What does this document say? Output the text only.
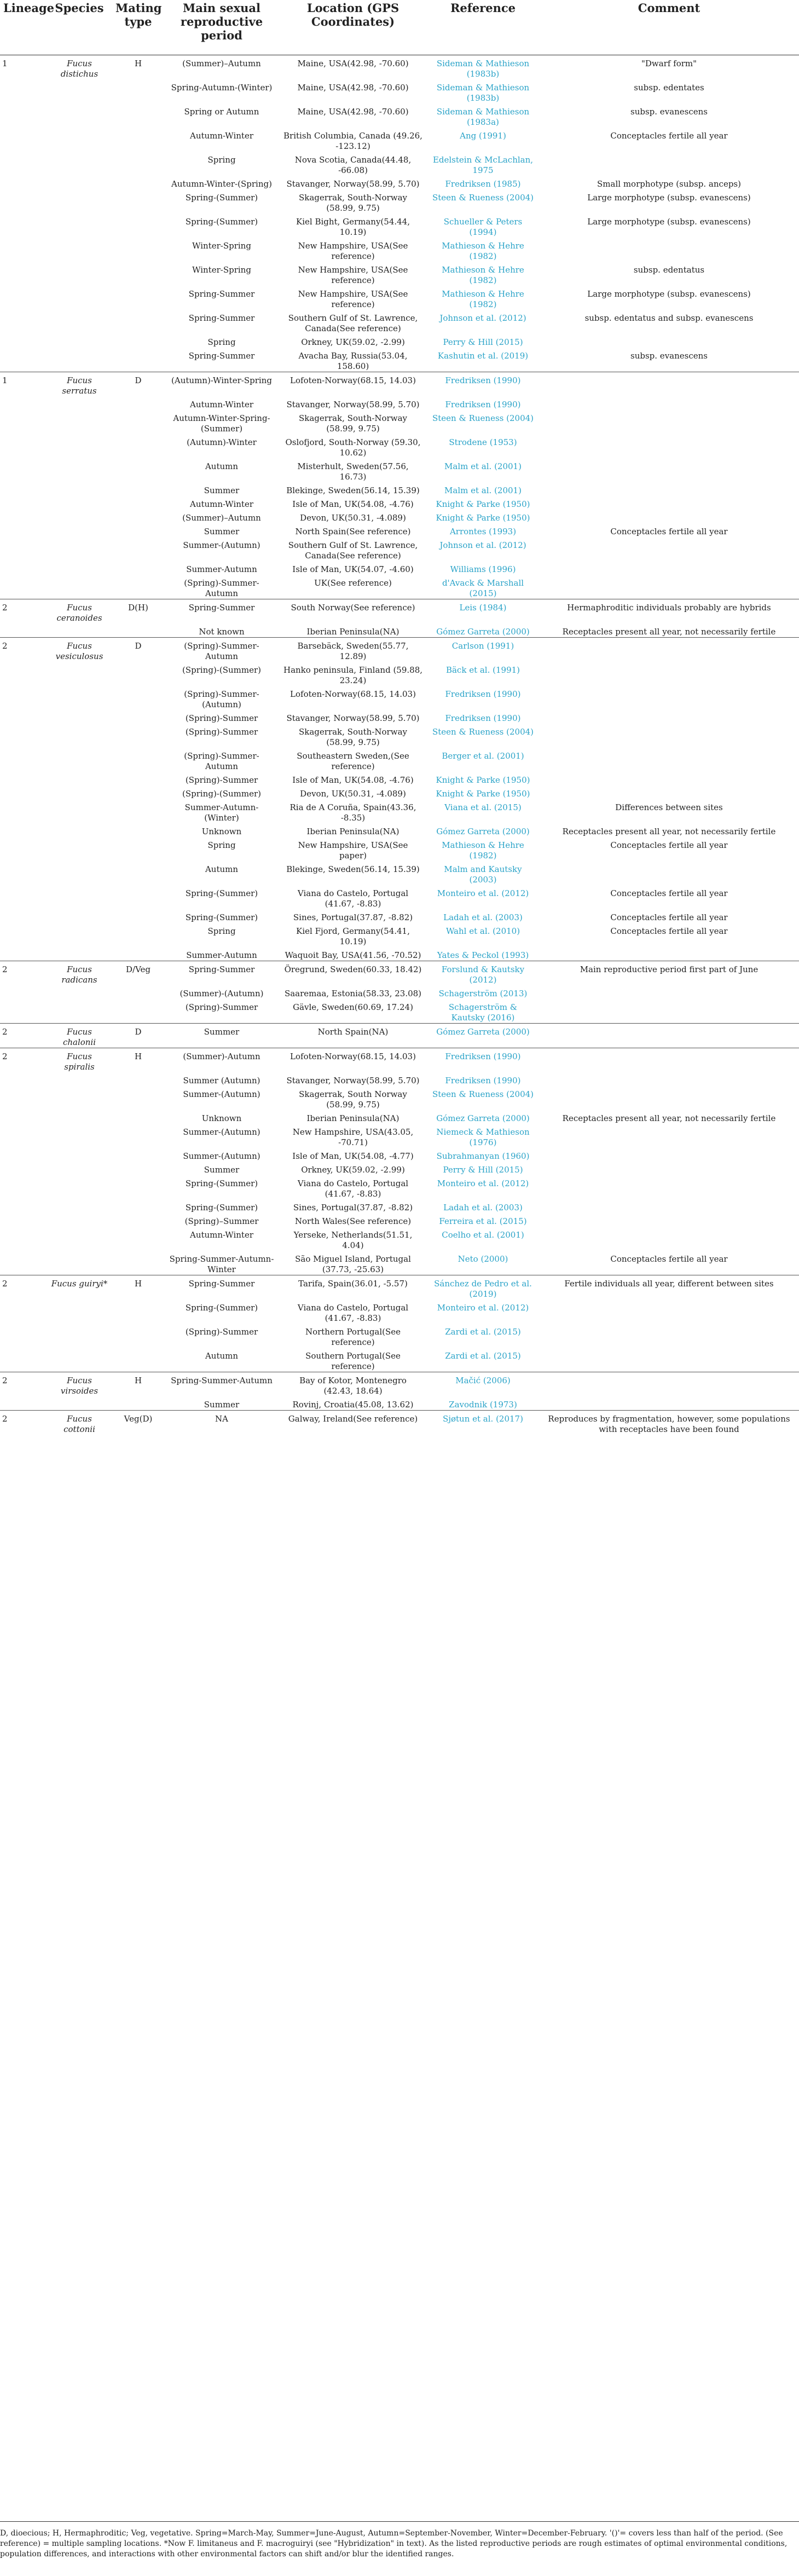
Lineage	Species	Mating type	Main sexual reproductive period	Location (GPS Coordinates)	Reference	Comment
1	Fucus distichus	H	(Summer)–Autumn	Maine, USA(42.98, -70.60)	Sideman & Mathieson (1983b)	"Dwarf form"
			Spring-Autumn-(Winter)	Maine, USA(42.98, -70.60)	Sideman & Mathieson (1983b)	subsp. edentates
			Spring or Autumn	Maine, USA(42.98, -70.60)	Sideman & Mathieson (1983a)	subsp. evanescens
			Autumn-Winter	British Columbia, Canada (49.26, -123.12)	Ang (1991)	Conceptacles fertile all year
			Spring	Nova Scotia, Canada(44.48, -66.08)	Edelstein & McLachlan, 1975	
			Autumn-Winter-(Spring)	Stavanger, Norway(58.99, 5.70)	Fredriksen (1985)	Small morphotype (subsp. anceps)
			Spring-(Summer)	Skagerrak, South-Norway (58.99, 9.75)	Steen & Rueness (2004)	Large morphotype (subsp. evanescens)
			Spring-(Summer)	Kiel Bight, Germany(54.44, 10.19)	Schueller & Peters (1994)	Large morphotype (subsp. evanescens)
			Winter-Spring	New Hampshire, USA(See reference)	Mathieson & Hehre (1982)	
			Winter-Spring	New Hampshire, USA(See reference)	Mathieson & Hehre (1982)	subsp. edentatus
			Spring-Summer	New Hampshire, USA(See reference)	Mathieson & Hehre (1982)	Large morphotype (subsp. evanescens)
			Spring-Summer	Southern Gulf of St. Lawrence, Canada(See reference)	Johnson et al. (2012)	subsp. edentatus and subsp. evanescens
			Spring	Orkney, UK(59.02, -2.99)	Perry & Hill (2015)	
			Spring-Summer	Avacha Bay, Russia(53.04, 158.60)	Kashutin et al. (2019)	subsp. evanescens
1	Fucus serratus	D	(Autumn)-Winter-Spring	Lofoten-Norway(68.15, 14.03)	Fredriksen (1990)	
			Autumn-Winter	Stavanger, Norway(58.99, 5.70)	Fredriksen (1990)	
			Autumn-Winter-Spring-(Summer)	Skagerrak, South-Norway (58.99, 9.75)	Steen & Rueness (2004)	
			(Autumn)-Winter	Oslofjord, South-Norway (59.30, 10.62)	Strodene (1953)	
			Autumn	Misterhult, Sweden(57.56, 16.73)	Malm et al. (2001)	
			Summer	Blekinge, Sweden(56.14, 15.39)	Malm et al. (2001)	
			Autumn-Winter	Isle of Man, UK(54.08, -4.76)	Knight & Parke (1950)	
			(Summer)–Autumn	Devon, UK(50.31, -4.089)	Knight & Parke (1950)	
			Summer	North Spain(See reference)	Arrontes (1993)	Conceptacles fertile all year
			Summer-(Autumn)	Southern Gulf of St. Lawrence, Canada(See reference)	Johnson et al. (2012)	
			Summer-Autumn	Isle of Man, UK(54.07, -4.60)	Williams (1996)	
			(Spring)-Summer-Autumn	UK(See reference)	d'Avack & Marshall (2015)	
2	Fucus ceranoides	D(H)	Spring-Summer	South Norway(See reference)	Leis (1984)	Hermaphroditic individuals probably are hybrids
			Not known	Iberian Peninsula(NA)	Gómez Garreta (2000)	Receptacles present all year, not necessarily fertile
2	Fucus vesiculosus	D	(Spring)-Summer-Autumn	Barsebäck, Sweden(55.77, 12.89)	Carlson (1991)	
			(Spring)-(Summer)	Hanko peninsula, Finland (59.88, 23.24)	Bäck et al. (1991)	
			(Spring)-Summer-(Autumn)	Lofoten-Norway(68.15, 14.03)	Fredriksen (1990)	
			(Spring)-Summer	Stavanger, Norway(58.99, 5.70)	Fredriksen (1990)	
			(Spring)-Summer	Skagerrak, South-Norway (58.99, 9.75)	Steen & Rueness (2004)	
			(Spring)-Summer-Autumn	Southeastern Sweden,(See reference)	Berger et al. (2001)	
			(Spring)-Summer	Isle of Man, UK(54.08, -4.76)	Knight & Parke (1950)	
			(Spring)-(Summer)	Devon, UK(50.31, -4.089)	Knight & Parke (1950)	
			Summer-Autumn-(Winter)	Ria de A Coruña, Spain(43.36, -8.35)	Viana et al. (2015)	Differences between sites
			Unknown	Iberian Peninsula(NA)	Gómez Garreta (2000)	Receptacles present all year, not necessarily fertile
			Spring	New Hampshire, USA(See paper)	Mathieson & Hehre (1982)	Conceptacles fertile all year
			Autumn	Blekinge, Sweden(56.14, 15.39)	Malm and Kautsky (2003)	
			Spring-(Summer)	Viana do Castelo, Portugal (41.67, -8.83)	Monteiro et al. (2012)	Conceptacles fertile all year
			Spring-(Summer)	Sines, Portugal(37.87, -8.82)	Ladah et al. (2003)	Conceptacles fertile all year
			Spring	Kiel Fjord, Germany(54.41, 10.19)	Wahl et al. (2010)	Conceptacles fertile all year
			Summer-Autumn	Waquoit Bay, USA(41.56, -70.52)	Yates & Peckol (1993)	
2	Fucus radicans	D/Veg	Spring-Summer	Öregrund, Sweden(60.33, 18.42)	Forslund & Kautsky (2012)	Main reproductive period first part of June
			(Summer)-(Autumn)	Saaremaa, Estonia(58.33, 23.08)	Schagerström (2013)	
			(Spring)-Summer	Gävle, Sweden(60.69, 17.24)	Schagerström & Kautsky (2016)	
2	Fucus chalonii	D	Summer	North Spain(NA)	Gómez Garreta (2000)	
2	Fucus spiralis	H	(Summer)-Autumn	Lofoten-Norway(68.15, 14.03)	Fredriksen (1990)	
			Summer (Autumn)	Stavanger, Norway(58.99, 5.70)	Fredriksen (1990)	
			Summer-(Autumn)	Skagerrak, South Norway (58.99, 9.75)	Steen & Rueness (2004)	
			Unknown	Iberian Peninsula(NA)	Gómez Garreta (2000)	Receptacles present all year, not necessarily fertile
			Summer-(Autumn)	New Hampshire, USA(43.05, -70.71)	Niemeck & Mathieson (1976)	
			Summer-(Autumn)	Isle of Man, UK(54.08, -4.77)	Subrahmanyan (1960)	
			Summer	Orkney, UK(59.02, -2.99)	Perry & Hill (2015)	
			Spring-(Summer)	Viana do Castelo, Portugal (41.67, -8.83)	Monteiro et al. (2012)	
			Spring-(Summer)	Sines, Portugal(37.87, -8.82)	Ladah et al. (2003)	
			(Spring)–Summer	North Wales(See reference)	Ferreira et al. (2015)	
			Autumn-Winter	Yerseke, Netherlands(51.51, 4.04)	Coelho et al. (2001)	
			Spring-Summer-Autumn-Winter	São Miguel Island, Portugal (37.73, -25.63)	Neto (2000)	Conceptacles fertile all year
2	Fucus guiryi*	H	Spring-Summer	Tarifa, Spain(36.01, -5.57)	Sánchez de Pedro et al. (2019)	Fertile individuals all year, different between sites
			Spring-(Summer)	Viana do Castelo, Portugal (41.67, -8.83)	Monteiro et al. (2012)	
			(Spring)-Summer	Northern Portugal(See reference)	Zardi et al. (2015)	
			Autumn	Southern Portugal(See reference)	Zardi et al. (2015)	
2	Fucus virsoides	H	Spring-Summer-Autumn	Bay of Kotor, Montenegro (42.43, 18.64)	Mačić (2006)	
			Summer	Rovinj, Croatia(45.08, 13.62)	Zavodnik (1973)	
2	Fucus cottonii	Veg(D)	NA	Galway, Ireland(See reference)	Sjøtun et al. (2017)	Reproduces by fragmentation, however, some populations with receptacles have been found
D, dioecious; H, Hermaphroditic; Veg, vegetative. Spring=March-May, Summer=June-August, Autumn=September-November, Winter=December-February. '()'= covers less than half of the period. (See reference) = multiple sampling locations. *Now F. limitaneus and F. macroguiryi (see "Hybridization" in text). As the listed reproductive periods are rough estimates of optimal environmental conditions, population differences, and interactions with other environmental factors can shift and/or blur the identified ranges.
